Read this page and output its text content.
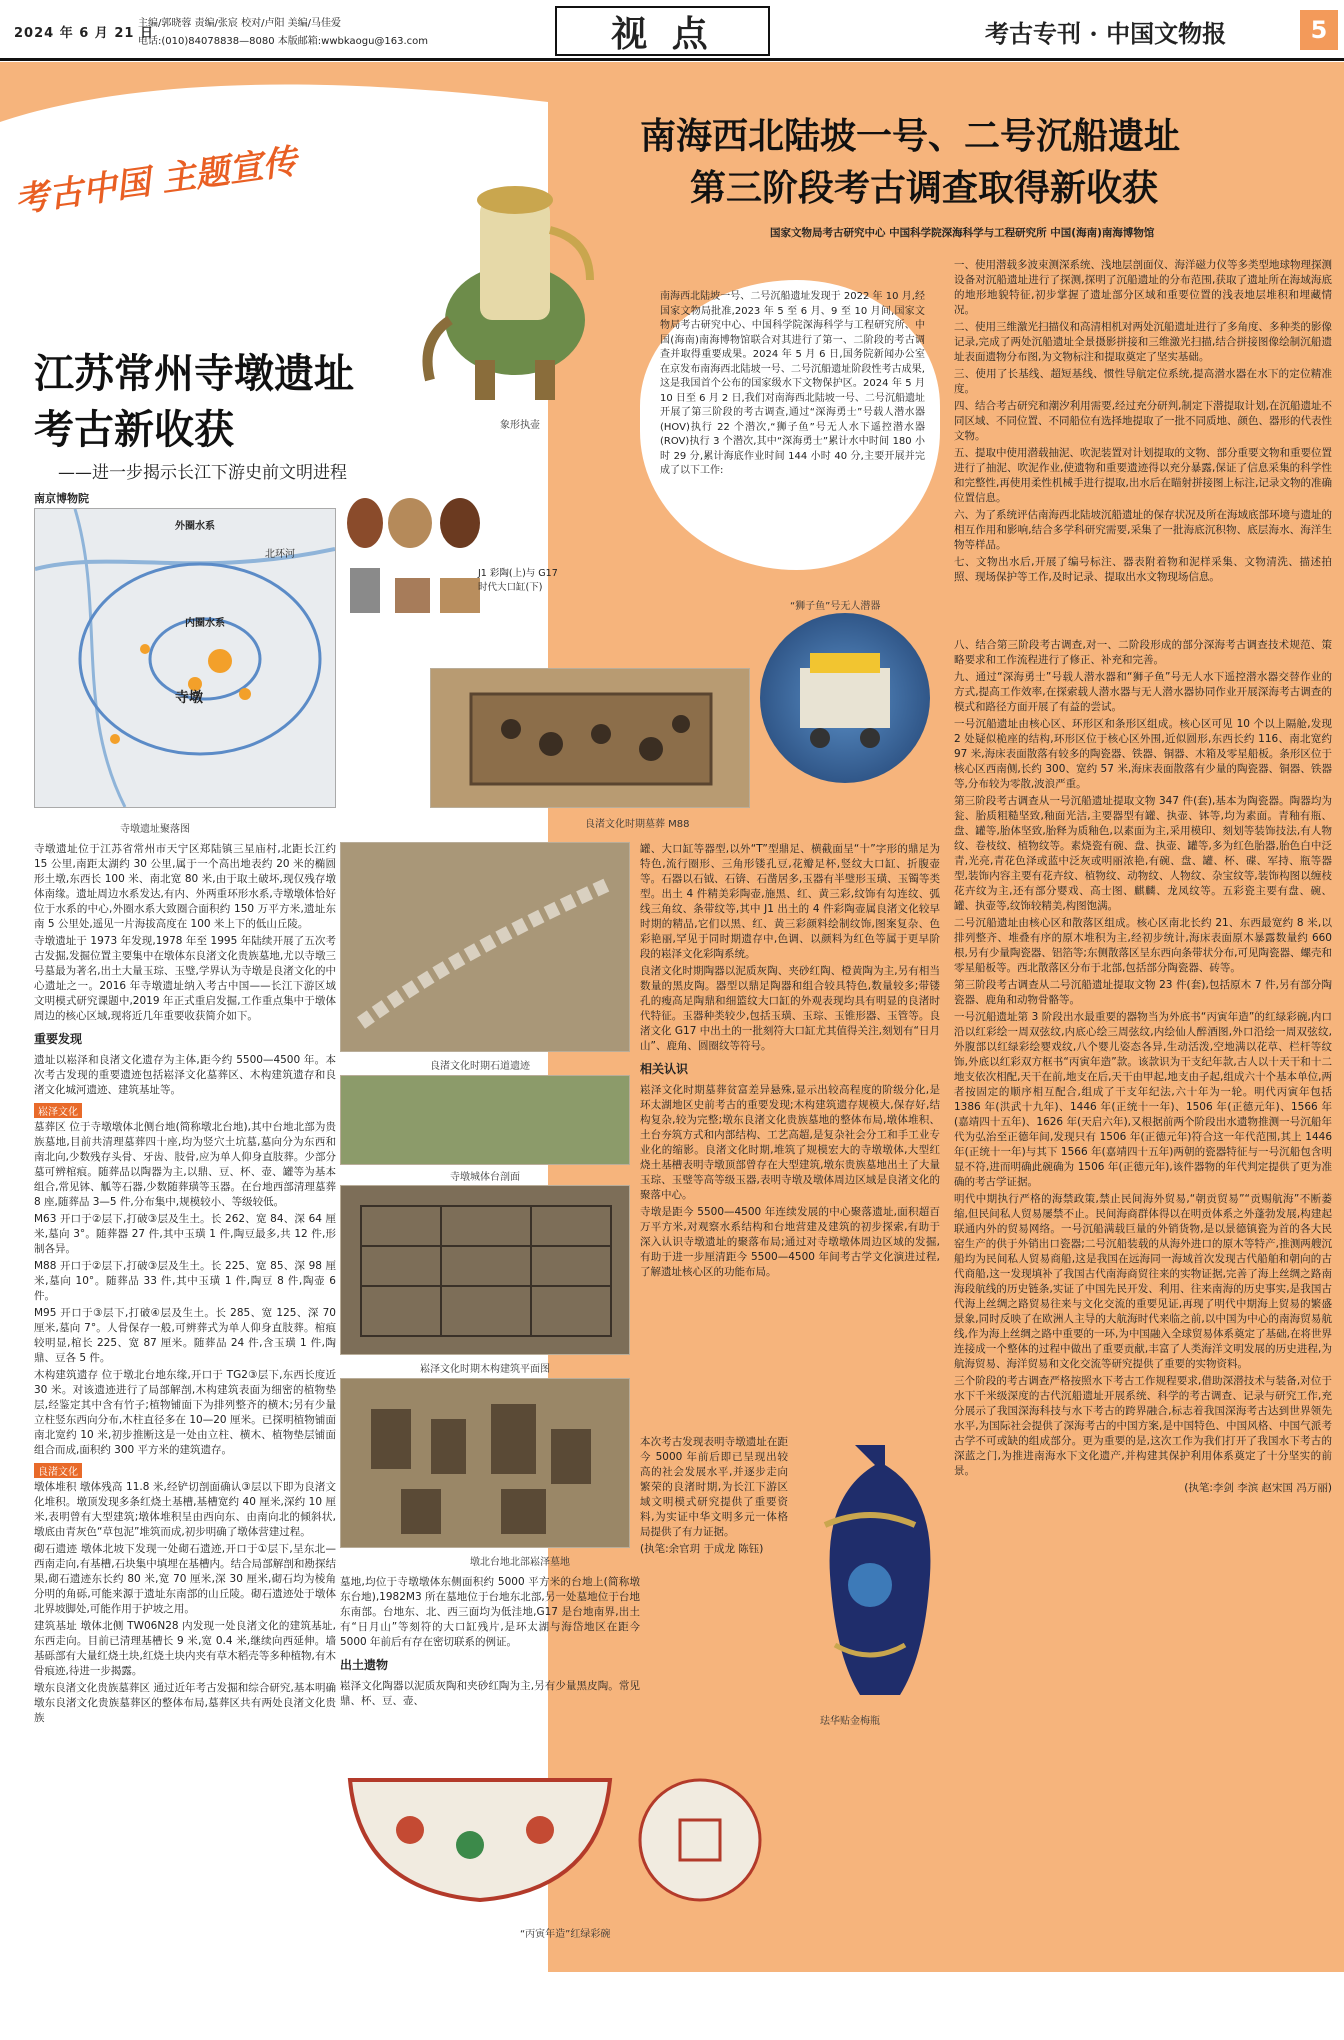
2024 年 6 月 21 日
主编/郭晓蓉 责编/张宸 校对/卢阳 美编/马佳爱
电话:(010)84078838—8080 本版邮箱:wwbkaogu@163.com	视 点	考古专刊 · 中国文物报	5
南海西北陆坡一号、二号沉船遗址
第三阶段考古调查取得新收获
国家文物局考古研究中心 中国科学院深海科学与工程研究所 中国(海南)南海博物馆
考古中国 主题宣传
江苏常州寺墩遗址
考古新收获
——进一步揭示长江下游史前文明进程
南京博物院
象形执壶
南海西北陆坡一号、二号沉船遗址发现于 2022 年 10 月,经国家文物局批准,2023 年 5 至 6 月、9 至 10 月间,国家文物局考古研究中心、中国科学院深海科学与工程研究所、中国(海南)南海博物馆联合对其进行了第一、二阶段的考古调查并取得重要成果。2024 年 5 月 6 日,国务院新闻办公室在京发布南海西北陆坡一号、二号沉船遗址阶段性考古成果,这是我国首个公布的国家级水下文物保护区。2024 年 5 月 10 日至 6 月 2 日,我们对南海西北陆坡一号、二号沉船遗址开展了第三阶段的考古调查,通过“深海勇士”号载人潜水器(HOV)执行 22 个潜次,“狮子鱼”号无人水下遥控潜水器(ROV)执行 3 个潜次,其中“深海勇士”累计水中时间 180 小时 29 分,累计海底作业时间 144 小时 40 分,主要开展并完成了以下工作:
“狮子鱼”号无人潜器
一、使用潜载多波束测深系统、浅地层剖面仪、海洋磁力仪等多类型地球物理探测设备对沉船遗址进行了探测,探明了沉船遗址的分布范围,获取了遗址所在海域海底的地形地貌特征,初步掌握了遗址部分区域和重要位置的浅表地层堆积和埋藏情况。
二、使用三维激光扫描仪和高清相机对两处沉船遗址进行了多角度、多种类的影像记录,完成了两处沉船遗址全景摄影拼接和三维激光扫描,结合拼接图像绘制沉船遗址表面遗物分布图,为文物标注和提取奠定了坚实基础。
三、使用了长基线、超短基线、惯性导航定位系统,提高潜水器在水下的定位精准度。
四、结合考古研究和潮汐利用需要,经过充分研判,制定下潜提取计划,在沉船遗址不同区域、不同位置、不同船位有选择地提取了一批不同质地、颜色、器形的代表性文物。
五、提取中使用潜载抽泥、吹泥装置对计划提取的文物、部分重要文物和重要位置进行了抽泥、吹泥作业,使遗物和重要遗迹得以充分暴露,保证了信息采集的科学性和完整性,再使用柔性机械手进行提取,出水后在瞄射拼接图上标注,记录文物的准确位置信息。
六、为了系统评估南海西北陆坡沉船遗址的保存状况及所在海域底部环境与遗址的相互作用和影响,结合多学科研究需要,采集了一批海底沉积物、底层海水、海洋生物等样品。
七、文物出水后,开展了编号标注、器表附着物和泥样采集、文物清洗、描述拍照、现场保护等工作,及时记录、提取出水文物现场信息。
八、结合第三阶段考古调查,对一、二阶段形成的部分深海考古调查技术规范、策略要求和工作流程进行了修正、补充和完善。
九、通过“深海勇士”号载人潜水器和“狮子鱼”号无人水下遥控潜水器交替作业的方式,提高工作效率,在探索载人潜水器与无人潜水器协同作业开展深海考古调查的模式和路径方面开展了有益的尝试。
一号沉船遗址由核心区、环形区和条形区组成。核心区可见 10 个以上隔舱,发现 2 处疑似桅座的结构,环形区位于核心区外围,近似圆形,东西长约 116、南北宽约 97 米,海床表面散落有较多的陶瓷器、铁器、铜器、木箱及零星船板。条形区位于核心区西南侧,长约 300、宽约 57 米,海床表面散落有少量的陶瓷器、铜器、铁器等,分布较为零散,波浪严重。
第三阶段考古调查从一号沉船遗址提取文物 347 件(套),基本为陶瓷器。陶器均为瓮、胎质粗糙坚致,釉面光洁,主要器型有罐、执壶、钵等,均为素面。青釉有瓶、盘、罐等,胎体坚致,胎释为质釉色,以素面为主,采用模印、刻划等装饰技法,有人物纹、卷枝纹、植物纹等。素烧瓷有碗、盘、执壶、罐等,多为红色胎器,胎色白中泛青,光亮,青花色泽或蓝中泛灰或明丽浓艳,有碗、盘、罐、杯、碟、军持、瓶等器型,装饰内容主要有花卉纹、植物纹、动物纹、人物纹、杂宝纹等,装饰构图以缠枝花卉纹为主,还有部分婴戏、高士图、麒麟、龙凤纹等。五彩瓷主要有盘、碗、罐、执壶等,纹饰较精美,构图饱满。
二号沉船遗址由核心区和散落区组成。核心区南北长约 21、东西最宽约 8 米,以排列整齐、堆叠有序的原木堆积为主,经初步统计,海床表面原木暴露数量约 660 根,另有少量陶瓷器、铝箔等;东侧散落区呈东西向条带状分布,可见陶瓷器、螺壳和零星船板等。西北散落区分布于北部,包括部分陶瓷器、砖等。
第三阶段考古调查从二号沉船遗址提取文物 23 件(套),包括原木 7 件,另有部分陶瓷器、鹿角和动物骨骼等。
一号沉船遗址第 3 阶段出水最重要的器物当为外底书“丙寅年造”的红绿彩碗,内口沿以红彩绘一周双弦纹,内底心绘三周弦纹,内绘仙人醉酒图,外口沿绘一周双弦纹,外腹部以红绿彩绘婴戏纹,八个婴儿姿态各异,生动活泼,空地满以花草、栏杆等纹饰,外底以红彩双方框书“丙寅年造”款。该款识为干支纪年款,古人以十天干和十二地支依次相配,天干在前,地支在后,天干由甲起,地支由子起,组成六十个基本单位,两者按固定的顺序相互配合,组成了干支年纪法,六十年为一轮。明代丙寅年包括 1386 年(洪武十九年)、1446 年(正统十一年)、1506 年(正德元年)、1566 年(嘉靖四十五年)、1626 年(天启六年),又根据前两个阶段出水遗物推测一号沉船年代为弘治至正德年间,发现只有 1506 年(正德元年)符合这一年代范围,其上 1446 年(正统十一年)与其下 1566 年(嘉靖四十五年)两朝的瓷器特征与一号沉船包含明显不符,进而明确此碗确为 1506 年(正德元年),该件器物的年代判定提供了更为准确的考古学证据。
明代中期执行严格的海禁政策,禁止民间海外贸易,“朝贡贸易”“贡赐航海”不断萎缩,但民间私人贸易屡禁不止。民间海商群体得以在明贡体系之外蓬勃发展,构建起联通内外的贸易网络。一号沉船满载巨量的外销货物,是以景德镇瓷为首的各大民窑生产的供于外销出口瓷器;二号沉船装载的从海外进口的原木等特产,推测两艘沉船均为民间私人贸易商船,这是我国在远海同一海域首次发现古代船舶和朝向的古代商船,这一发现填补了我国古代南海商贸往来的实物证据,完善了海上丝绸之路南海段航线的历史链条,实证了中国先民开发、利用、往来南海的历史事实,是我国古代海上丝绸之路贸易往来与文化交流的重要见证,再现了明代中期海上贸易的繁盛景象,同时反映了在欧洲人主导的大航海时代来临之前,以中国为中心的南海贸易航线,作为海上丝绸之路中重要的一环,为中国融入全球贸易体系奠定了基础,在将世界连接成一个整体的过程中做出了重要贡献,丰富了人类海洋文明发展的历史进程,为航海贸易、海洋贸易和文化交流等研究提供了重要的实物资料。
三个阶段的考古调查严格按照水下考古工作规程要求,借助深潜技术与装备,对位于水下千米级深度的古代沉船遗址开展系统、科学的考古调查、记录与研究工作,充分展示了我国深海科技与水下考古的跨界融合,标志着我国深海考古达到世界领先水平,为国际社会提供了深海考古的中国方案,是中国特色、中国风格、中国气派考古学不可或缺的组成部分。更为重要的是,这次工作为我们打开了我国水下考古的深蓝之门,为推进南海水下文化遗产,并构建其保护利用体系奠定了十分坚实的前景。
(执笔:李剑 李滨 赵宋国 冯万丽)
珐华贴金梅瓶
外圈水系
北环河
内圈水系
寺墩
寺墩遗址聚落图
J1 彩陶(上)与 G17 时代大口缸(下)
良渚文化时期墓葬 M88
寺墩遗址位于江苏省常州市天宁区郑陆镇三星庙村,北距长江约 15 公里,南距太湖约 30 公里,属于一个高出地表约 20 米的椭圆形土墩,东西长 100 米、南北宽 80 米,由于取土破坏,现仅残存墩体南缘。遗址周边水系发达,有内、外两重环形水系,寺墩墩体恰好位于水系的中心,外圈水系大致圈合面积约 150 万平方米,遗址东南 5 公里处,遥见一片海拔高度在 100 米上下的低山丘陵。
寺墩遗址于 1973 年发现,1978 年至 1995 年陆续开展了五次考古发掘,发掘位置主要集中在墩体东良渚文化贵族墓地,尤以寺墩三号墓最为著名,出土大量玉琮、玉璧,学界认为寺墩是良渚文化的中心遗址之一。2016 年寺墩遗址纳入考古中国——长江下游区域文明模式研究课题中,2019 年正式重启发掘,工作重点集中于墩体周边的核心区域,现将近几年重要收获简介如下。
重要发现
遗址以崧泽和良渚文化遗存为主体,距今约 5500—4500 年。本次考古发现的重要遗迹包括崧泽文化墓葬区、木构建筑遗存和良渚文化城河遗迹、建筑基址等。
崧泽文化
墓葬区 位于寺墩墩体北侧台地(简称墩北台地),其中台地北部为贵族墓地,目前共清理墓葬四十座,均为竖穴土坑墓,墓向分为东西和南北向,少数残存头骨、牙齿、肢骨,应为单人仰身直肢葬。少部分墓可辨棺痕。随葬品以陶器为主,以鼎、豆、杯、壶、罐等为基本组合,常见钵、觚等石器,少数随葬璜等玉器。在台地西部清理墓葬 8 座,随葬品 3—5 件,分布集中,规模较小、等级较低。
M63 开口于②层下,打破③层及生土。长 262、宽 84、深 64 厘米,墓向 3°。随葬器 27 件,其中玉璜 1 件,陶豆最多,共 12 件,形制各异。
M88 开口于②层下,打破③层及生土。长 225、宽 85、深 98 厘米,墓向 10°。随葬品 33 件,其中玉璜 1 件,陶豆 8 件,陶壶 6 件。
M95 开口于③层下,打破④层及生土。长 285、宽 125、深 70 厘米,墓向 7°。人骨保存一般,可辨葬式为单人仰身直肢葬。棺痕较明显,棺长 225、宽 87 厘米。随葬品 24 件,含玉璜 1 件,陶鼎、豆各 5 件。
木构建筑遗存 位于墩北台地东缘,开口于 TG2③层下,东西长度近 30 米。对该遗迹进行了局部解剖,木构建筑表面为细密的植物垫层,经鉴定其中含有竹子;植物铺面下为排列整齐的横木;另有少量立柱竖东西向分布,木柱直径多在 10—20 厘米。已探明植物铺面南北宽约 10 米,初步推断这是一处由立柱、横木、植物垫层铺面组合而成,面积约 300 平方米的建筑遗存。
良渚文化
墩体堆积 墩体残高 11.8 米,经铲切剖面确认③层以下即为良渚文化堆积。墩顶发现多条红烧土基槽,基槽宽约 40 厘米,深约 10 厘米,表明曾有大型建筑;墩体堆积呈由西向东、由南向北的倾斜状,墩底由青灰色“草包泥”堆筑而成,初步明确了墩体营建过程。
砌石遗迹 墩体北坡下发现一处砌石遗迹,开口于①层下,呈东北—西南走向,有基槽,石块集中填埋在基槽内。结合局部解剖和勘探结果,砌石遗迹东长约 80 米,宽 70 厘米,深 30 厘米,砌石均为棱角分明的角砾,可能来源于遗址东南部的山丘陵。砌石遗迹处于墩体北界坡脚处,可能作用于护坡之用。
建筑基址 墩体北侧 TW06N28 内发现一处良渚文化的建筑基址,东西走向。目前已清理基槽长 9 米,宽 0.4 米,继续向西延伸。墙基砾部有大量红烧土块,红烧土块内夹有草木稻壳等多种植物,有木骨痕迹,待进一步揭露。
墩东良渚文化贵族墓葬区 通过近年考古发掘和综合研究,基本明确墩东良渚文化贵族墓葬区的整体布局,墓葬区共有两处良渚文化贵族
良渚文化时期石道遗迹
寺墩城体台剖面
崧泽文化时期木构建筑平面图
墩北台地北部崧泽墓地
罐、大口缸等器型,以外“T”型鼎足、横截面呈“十”字形的鼎足为特色,流行圈形、三角形镂孔豆,花瓣足杯,竖纹大口缸、折腹壶等。石器以石钺、石锛、石凿居多,玉器有半璧形玉璜、玉镯等类型。出土 4 件精美彩陶壶,施黑、红、黄三彩,纹饰有勾连纹、弧线三角纹、条带纹等,其中 J1 出土的 4 件彩陶壶属良渚文化较早时期的精品,它们以黑、红、黄三彩颜料绘制纹饰,图案复杂、色彩艳丽,罕见于同时期遗存中,色调、以颜料为红色等属于更早阶段的崧泽文化彩陶系统。
良渚文化时期陶器以泥质灰陶、夹砂红陶、橙黄陶为主,另有相当数量的黑皮陶。器型以鼎足陶器和组合较具特色,数量较多;带镂孔的瘦高足陶鼎和细篮纹大口缸的外观表现均具有明显的良渚时代特征。玉器种类较少,包括玉璜、玉琮、玉锥形器、玉管等。良渚文化 G17 中出土的一批刻符大口缸尤其值得关注,刻划有“日月山”、鹿角、圆圈纹等符号。
相关认识
崧泽文化时期墓葬贫富差异悬殊,显示出较高程度的阶级分化,是环太湖地区史前考古的重要发现;木构建筑遗存规模大,保存好,结构复杂,较为完整;墩东良渚文化贵族墓地的整体布局,墩体堆积、土台夯筑方式和内部结构、工艺高超,是复杂社会分工和手工业专业化的缩影。良渚文化时期,堆筑了规模宏大的寺墩墩体,大型红烧土基槽表明寺墩顶部曾存在大型建筑,墩东贵族墓地出土了大量玉琮、玉璧等高等级玉器,表明寺墩及墩体周边区域是良渚文化的聚落中心。
寺墩是距今 5500—4500 年连续发展的中心聚落遗址,面积超百万平方米,对观察水系结构和台地营建及建筑的初步探索,有助于深入认识寺墩遗址的聚落布局;通过对寺墩墩体周边区域的发掘,有助于进一步厘清距今 5500—4500 年间考古学文化演进过程,了解遗址核心区的功能布局。
本次考古发现表明寺墩遗址在距今 5000 年前后即已呈现出较高的社会发展水平,并逐步走向繁荣的良渚时期,为长江下游区域文明模式研究提供了重要资料,为实证中华文明多元一体格局提供了有力证据。
(执笔:余官玥 于成龙 陈钰)
墓地,均位于寺墩墩体东侧面积约 5000 平方米的台地上(简称墩东台地),1982M3 所在墓地位于台地东北部,另一处墓地位于台地东南部。台地东、北、西三面均为低洼地,G17 是台地南界,出土有“日月山”等刻符的大口缸残片,是环太湖与海岱地区在距今 5000 年前后有存在密切联系的例证。
出土遗物
崧泽文化陶器以泥质灰陶和夹砂红陶为主,另有少量黑皮陶。常见鼎、杯、豆、壶、
“丙寅年造”红绿彩碗
